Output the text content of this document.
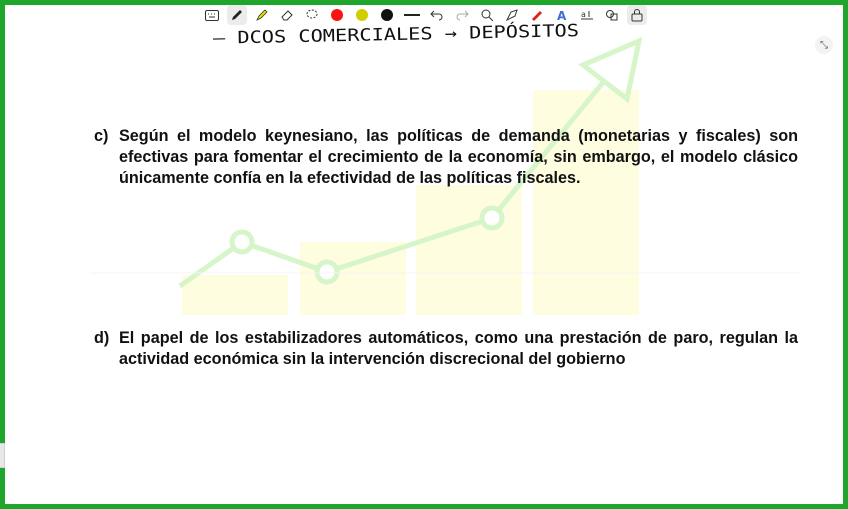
— DCOS COMERCIALES → DEPÓSITOS
A a
⤡
c) Según el modelo keynesiano, las políticas de demanda (monetarias y fiscales) son efectivas para fomentar el crecimiento de la economía, sin embargo, el modelo clásico únicamente confía en la efectividad de las políticas fiscales.
d) El papel de los estabilizadores automáticos, como una prestación de paro, regulan la actividad económica sin la intervención discrecional del gobierno
